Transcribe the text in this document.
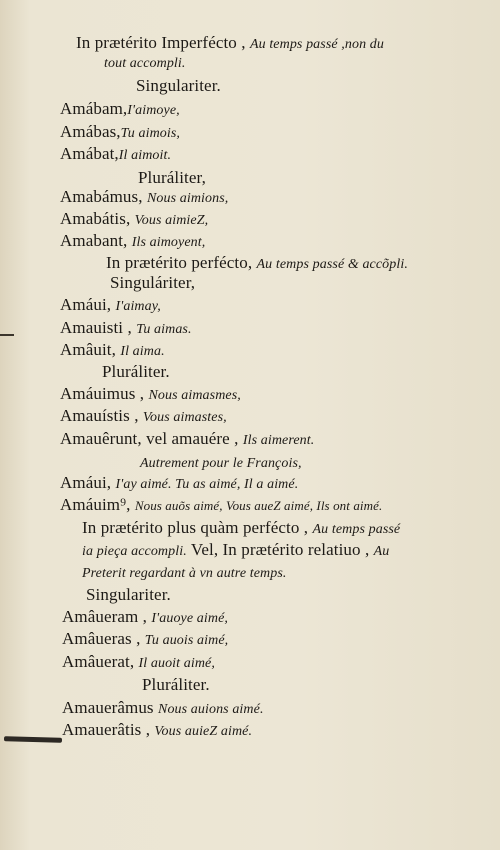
In prætérito Imperfécto , Au temps passé ,non du
tout accompli.
Singulariter.
Amábam,I'aimoye,
Amábas,Tu aimois,
Amábat,Il aimoit.
Pluráliter,
Amabámus, Nous aimions,
Amabátis, Vous aimieZ,
Amabant, Ils aimoyent,
In prætérito perfécto, Au temps passé & accõpli.
Singuláriter,
Amáui, I'aimay,
Amauisti , Tu aimas.
Amâuit, Il aima.
Pluráliter.
Amáuimus , Nous aimasmes,
Amauístis , Vous aimastes,
Amauêrunt, vel amauére , Ils aimerent.
Autrement pour le François,
Amáui, I'ay aimé. Tu as aimé, Il a aimé.
Amáuim⁹, Nous auõs aimé, Vous aueZ aimé, Ils ont aimé.
In prætérito plus quàm perfécto , Au temps passé
ia pieça accompli. Vel, In prætérito relatiuo , Au
Preterit regardant à vn autre temps.
Singulariter.
Amâueram , I'auoye aimé,
Amâueras , Tu auois aimé,
Amâuerat, Il auoit aimé,
Pluráliter.
Amauerâmus Nous auions aimé.
Amauerâtis , Vous auieZ aimé.
